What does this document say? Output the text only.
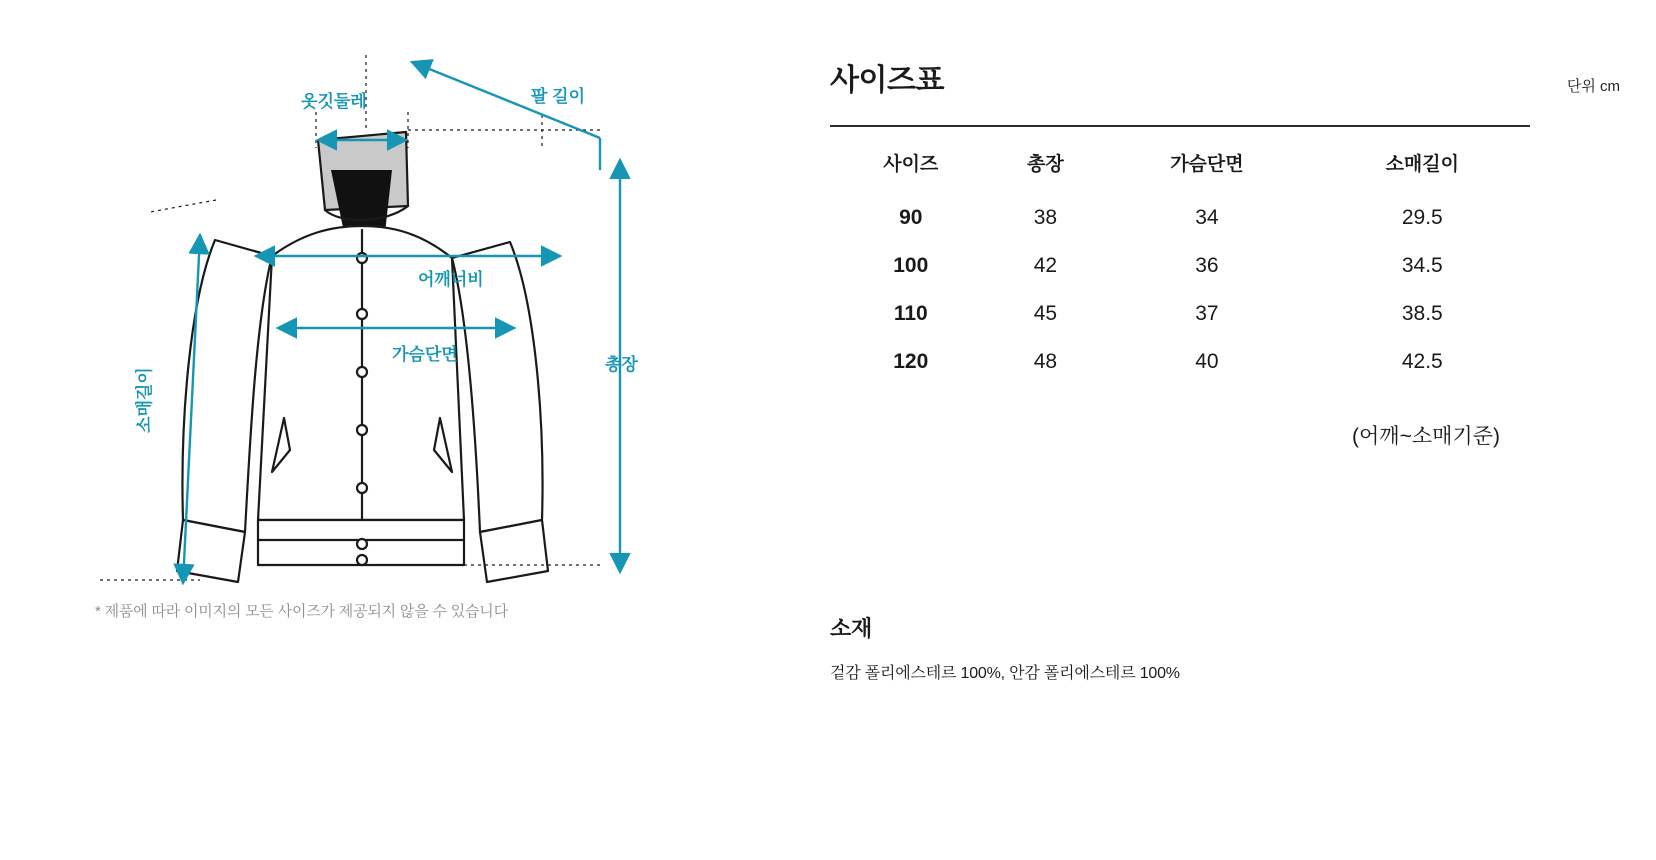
옷깃둘레	팔 길이
어깨너비
가슴단면
소매길이
총장
* 제품에 따라 이미지의 모든 사이즈가 제공되지 않을 수 있습니다
사이즈표	단위 cm
사이즈	총장	가슴단면	소매길이
90	38	34	29.5
100	42	36	34.5
110	45	37	38.5
120	48	40	42.5
(어깨~소매기준)
소재
겉감 폴리에스테르 100%, 안감 폴리에스테르 100%
